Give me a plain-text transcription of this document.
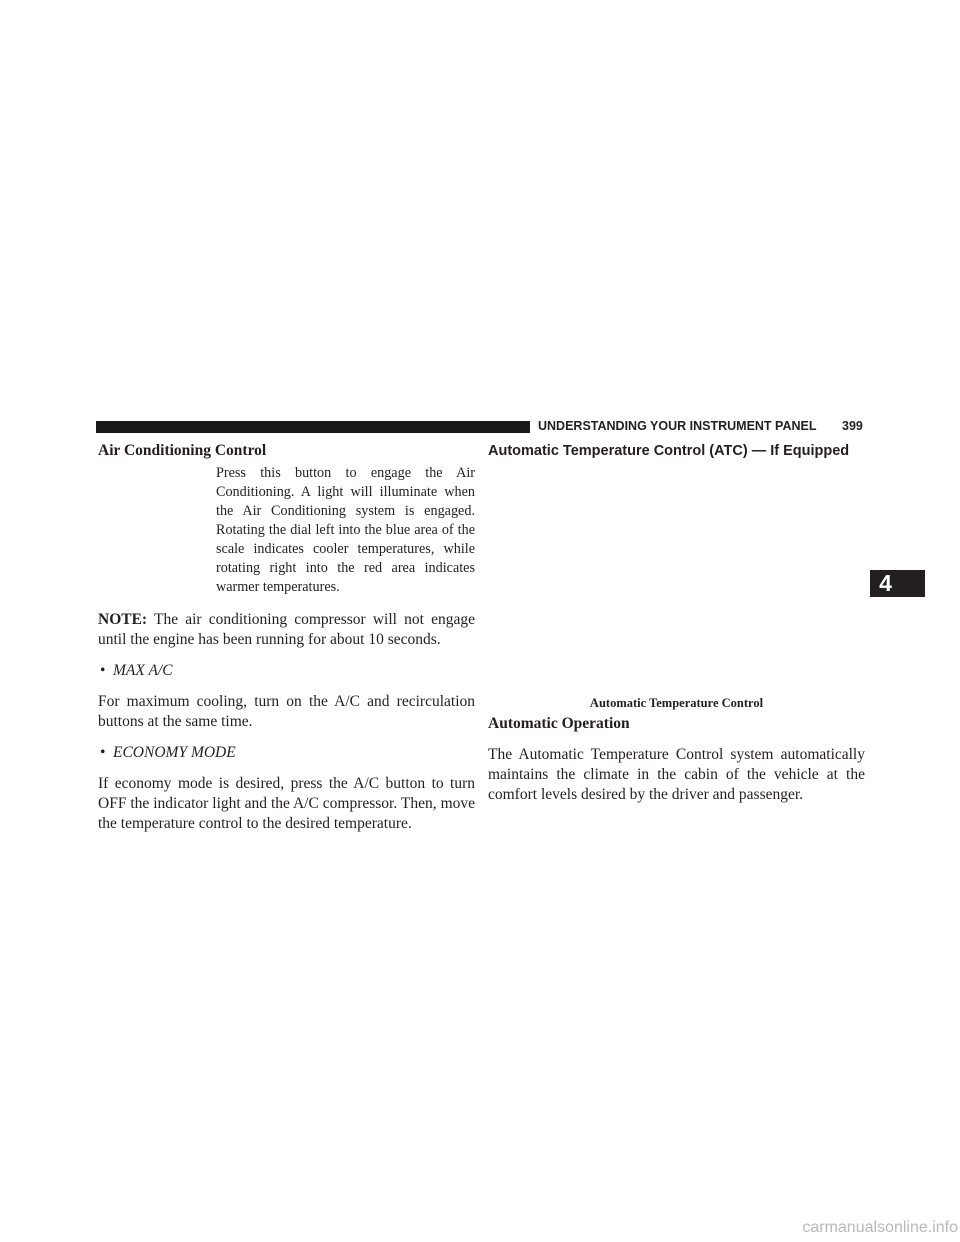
UNDERSTANDING YOUR INSTRUMENT PANEL	399
Air Conditioning Control
Press this button to engage the Air Conditioning. A light will illuminate when the Air Conditioning system is engaged. Rotating the dial left into the blue area of the scale indicates cooler temperatures, while rotating right into the red area indicates warmer temperatures.

NOTE: The air conditioning compressor will not engage until the engine has been running for about 10 seconds.

• MAX A/C

For maximum cooling, turn on the A/C and recirculation buttons at the same time.

• ECONOMY MODE

If economy mode is desired, press the A/C button to turn OFF the indicator light and the A/C compressor. Then, move the temperature control to the desired temperature.

Automatic Temperature Control (ATC) — If Equipped

Automatic Temperature Control

Automatic Operation

The Automatic Temperature Control system automatically maintains the climate in the cabin of the vehicle at the comfort levels desired by the driver and passenger.

4
carmanualsonline.info
